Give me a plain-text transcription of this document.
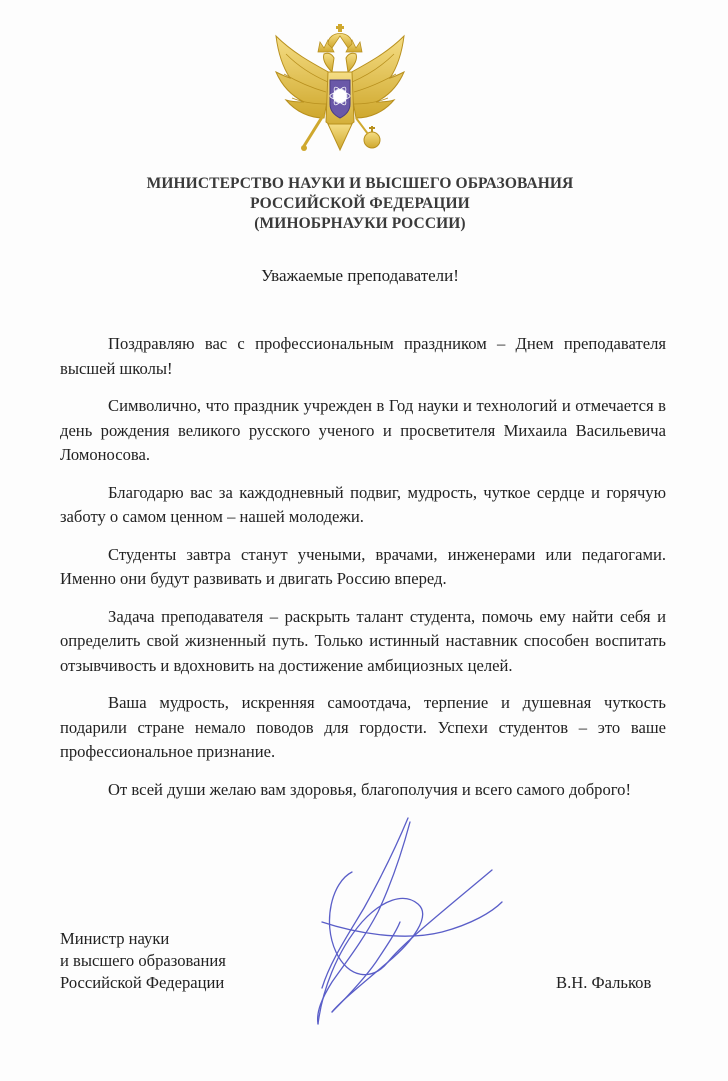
МИНИСТЕРСТВО НАУКИ И ВЫСШЕГО ОБРАЗОВАНИЯ
РОССИЙСКОЙ ФЕДЕРАЦИИ
(МИНОБРНАУКИ РОССИИ)
Уважаемые преподаватели!

Поздравляю вас с профессиональным праздником – Днем преподавателя высшей школы!

Символично, что праздник учрежден в Год науки и технологий и отмечается в день рождения великого русского ученого и просветителя Михаила Васильевича Ломоносова.

Благодарю вас за каждодневный подвиг, мудрость, чуткое сердце и горячую заботу о самом ценном – нашей молодежи.

Студенты завтра станут учеными, врачами, инженерами или педагогами. Именно они будут развивать и двигать Россию вперед.

Задача преподавателя – раскрыть талант студента, помочь ему найти себя и определить свой жизненный путь. Только истинный наставник способен воспитать отзывчивость и вдохновить на достижение амбициозных целей.

Ваша мудрость, искренняя самоотдача, терпение и душевная чуткость подарили стране немало поводов для гордости. Успехи студентов – это ваше профессиональное признание.

От всей души желаю вам здоровья, благополучия и всего самого доброго!

Министр науки
и высшего образования
Российской Федерации	В.Н. Фальков
